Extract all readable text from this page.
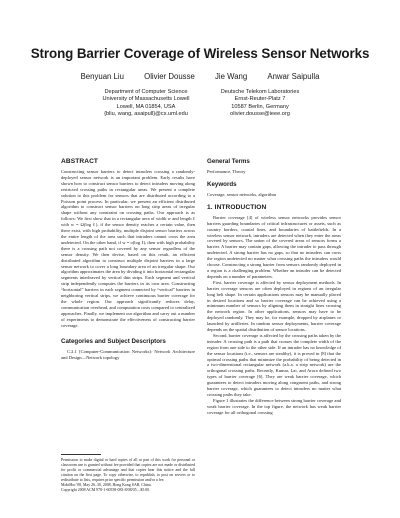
Strong Barrier Coverage of Wireless Sensor Networks
Benyuan Liu	Olivier Dousse	Jie Wang	Anwar Saipulla
Department of Computer Science
University of Massachusetts Lowell
Lowell, MA 01854, USA
{bliu, wang, asaipull}@cs.uml.edu
Deutsche Telekom Laboratories
Ernst-Reuter-Platz 7
10587 Berlin, Germany
olivier.dousse@ieee.org
ABSTRACT

Constructing sensor barriers to detect intruders crossing a randomly-deployed sensor network is an important problem. Early results have shown how to construct sensor barriers to detect intruders moving along restricted crossing paths in rectangular areas. We present a complete solution to this problem for sensors that are distributed according to a Poisson point process. In particular, we present an efficient distributed algorithm to construct sensor barriers on long strip areas of irregular shape without any constraint on crossing paths. Our approach is as follows: We first show that in a rectangular area of width w and length ℓ with w = Ω(log ℓ), if the sensor density reaches a certain value, then there exist, with high probability, multiple disjoint sensor barriers across the entire length of the area such that intruders cannot cross the area undetected. On the other hand, if w = o(log ℓ), then with high probability there is a crossing path not covered by any sensor regardless of the sensor density. We then devise, based on this result, an efficient distributed algorithm to construct multiple disjoint barriers in a large sensor network to cover a long boundary area of an irregular shape. Our algorithm approximates the area by dividing it into horizontal rectangular segments interleaved by vertical thin strips. Each segment and vertical strip independently computes the barriers in its own area. Constructing “horizontal” barriers in each segment connected by “vertical” barriers in neighboring vertical strips, we achieve continuous barrier coverage for the whole region. Our approach significantly reduces delay, communication overhead, and computation costs compared to centralized approaches. Finally, we implement our algorithm and carry out a number of experiments to demonstrate the effectiveness of constructing barrier coverage.

Categories and Subject Descriptors

C.2.1 [Computer-Communication Networks]: Network Architecture and Design—Network topology

Permission to make digital or hard copies of all or part of this work for personal or classroom use is granted without fee provided that copies are not made or distributed for profit or commercial advantage and that copies bear this notice and the full citation on the first page. To copy otherwise, to republish, to post on servers or to redistribute to lists, requires prior specific permission and/or a fee.

MobiHoc’08, May 26–30, 2008, Hong Kong SAR, China.

Copyright 2008 ACM 978-1-60558-083-8/08/05 ...$5.00.

General Terms

Performance, Theory

Keywords

Coverage, sensor networks, algorithm

1. INTRODUCTION

Barrier coverage [4] of wireless sensor networks provides sensor barriers guarding boundaries of critical infrastructures or assets, such as country borders, coastal lines, and boundaries of battlefields. In a wireless sensor network, intruders are detected when they enter the areas covered by sensors. The union of the covered areas of sensors forms a barrier. A barrier may contain gaps, allowing the intruder to pass through undetected. A strong barrier has no gaps, so that no intruders can cross the region undetected no matter what crossing paths the intruders would choose. Constructing a strong barrier from sensors randomly deployed in a region is a challenging problem. Whether an intruder can be detected depends on a number of parameters.

First, barrier coverage is affected by sensor deployment methods. In barrier coverage sensors are often deployed in regions of an irregular long belt shape. In certain applications sensors may be manually placed in desired locations and so barrier coverage can be achieved using a minimum number of sensors by aligning them in straight lines crossing the network region. In other applications, sensors may have to be deployed randomly. They may be, for example, dropped by airplanes or launched by artilleries. In random sensor deployments, barrier coverage depends on the spatial distribution of sensor locations.

Second, barrier coverage is affected by the crossing paths taken by the intruder. A crossing path is a path that crosses the complete width of the region from one side to the other side. If an intruder has no knowledge of the sensor locations (i.e., sensors are stealthy), it is proved in [8] that the optimal crossing paths that minimize the probability of being detected in a two-dimensional rectangular network (a.k.a. a strip network) are the orthogonal crossing paths. Recently, Kumar, Lai, and Arora defined two types of barrier coverage [6]. They are weak barrier coverage, which guarantees to detect intruders moving along congruent paths, and strong barrier coverage, which guarantees to detect intruders no matter what crossing paths they take.

Figure 1 illustrates the difference between strong barrier coverage and weak barrier coverage. In the top figure, the network has weak barrier coverage for all orthogonal crossing
